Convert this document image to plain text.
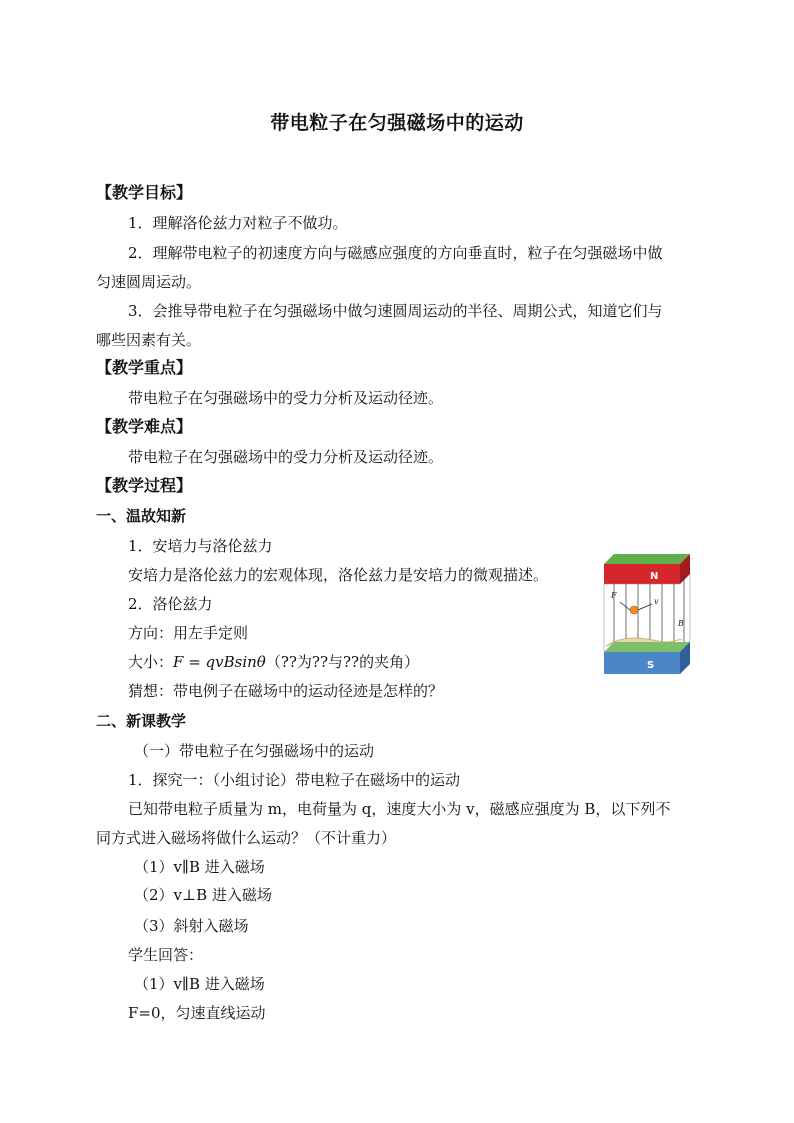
带电粒子在匀强磁场中的运动
【教学目标】
1．理解洛伦兹力对粒子不做功。
2．理解带电粒子的初速度方向与磁感应强度的方向垂直时，粒子在匀强磁场中做
匀速圆周运动。
3．会推导带电粒子在匀强磁场中做匀速圆周运动的半径、周期公式，知道它们与
哪些因素有关。
【教学重点】
带电粒子在匀强磁场中的受力分析及运动径迹。
【教学难点】
带电粒子在匀强磁场中的受力分析及运动径迹。
【教学过程】
一、温故知新
1．安培力与洛伦兹力
安培力是洛伦兹力的宏观体现，洛伦兹力是安培力的微观描述。
2．洛伦兹力
方向：用左手定则
大小：F = qvBsinθ（??为??与??的夹角）
猜想：带电例子在磁场中的运动径迹是怎样的？
二、新课教学
（一）带电粒子在匀强磁场中的运动
1．探究一：（小组讨论）带电粒子在磁场中的运动
已知带电粒子质量为 m，电荷量为 q，速度大小为 v，磁感应强度为 B，以下列不
同方式进入磁场将做什么运动？（不计重力）
（1）v∥B 进入磁场
（2）v⊥B 进入磁场
（3）斜射入磁场
学生回答：
（1）v∥B 进入磁场
F=0，匀速直线运动
N
S
F
v
B
